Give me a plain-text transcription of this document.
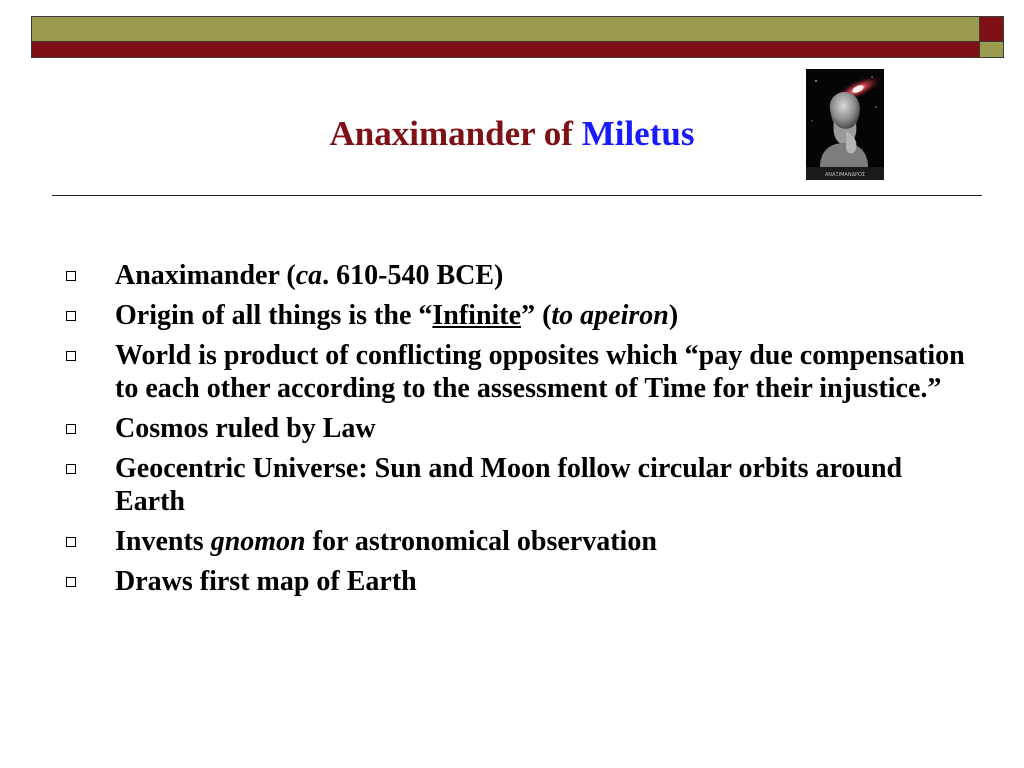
Anaximander of Miletus
ΑΝΑΞΙΜΑΝΔΡΟΣ
Anaximander (ca. 610-540 BCE)
Origin of all things is the “Infinite” (to apeiron)
World is product of conflicting opposites which “pay due compensation to each other according to the assessment of Time for their injustice.”
Cosmos ruled by Law
Geocentric Universe: Sun and Moon follow circular orbits around Earth
Invents gnomon for astronomical observation
Draws first map of Earth
